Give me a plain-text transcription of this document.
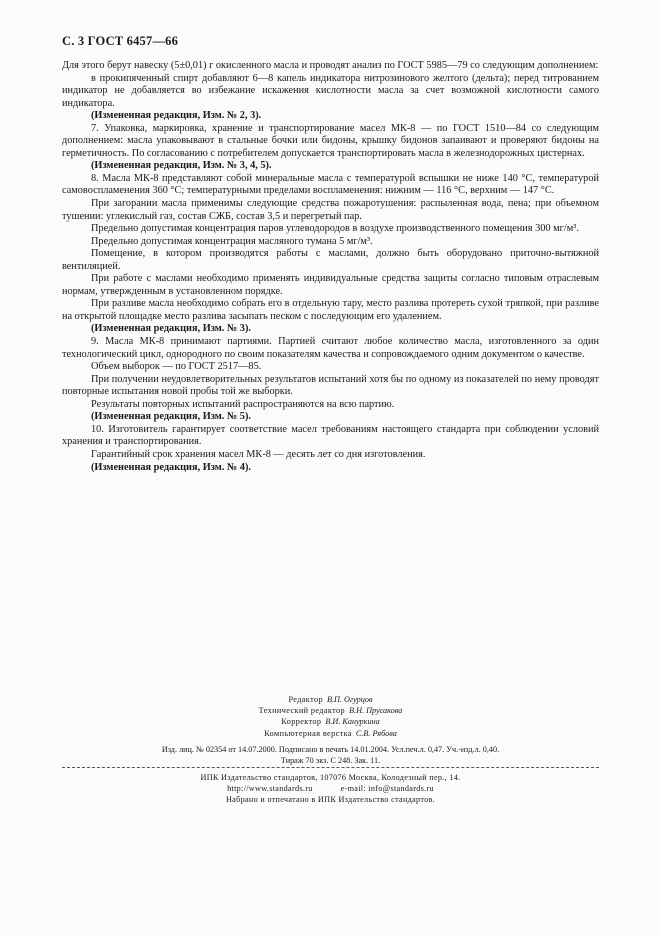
С. 3 ГОСТ 6457—66

Для этого берут навеску (5±0,01) г окисленного масла и проводят анализ по ГОСТ 5985—79 со следующим дополнением:

в прокипяченный спирт добавляют 6—8 капель индикатора нитрозинового желтого (дельта); перед титрованием индикатор не добавляется во избежание искажения кислотности масла за счет возможной кислотности самого индикатора.

(Измененная редакция, Изм. № 2, 3).

7. Упаковка, маркировка, хранение и транспортирование масел МК-8 — по ГОСТ 1510—84 со следующим дополнением: масла упаковывают в стальные бочки или бидоны, крышку бидонов запаивают и проверяют бидоны на герметичность. По согласованию с потребителем допускается транспортировать масла в железнодорожных цистернах.

(Измененная редакция, Изм. № 3, 4, 5).

8. Масла МК-8 представляют собой минеральные масла с температурой вспышки не ниже 140 °С, температурой самовоспламенения 360 °С; температурными пределами воспламенения: нижним — 116 °С, верхним — 147 °С.

При загорании масла применимы следующие средства пожаротушения: распыленная вода, пена; при объемном тушении: углекислый газ, состав СЖБ, состав 3,5 и перегретый пар.

Предельно допустимая концентрация паров углеводородов в воздухе производственного помещения 300 мг/м³.

Предельно допустимая концентрация масляного тумана 5 мг/м³.

Помещение, в котором производятся работы с маслами, должно быть оборудовано приточно-вытяжной вентиляцией.

При работе с маслами необходимо применять индивидуальные средства защиты согласно типовым отраслевым нормам, утвержденным в установленном порядке.

При разливе масла необходимо собрать его в отдельную тару, место разлива протереть сухой тряпкой, при разливе на открытой площадке место разлива засыпать песком с последующим его удалением.

(Измененная редакция, Изм. № 3).

9. Масла МК-8 принимают партиями. Партией считают любое количество масла, изготовленного за один технологический цикл, однородного по своим показателям качества и сопровождаемого одним документом о качестве.

Объем выборок — по ГОСТ 2517—85.

При получении неудовлетворительных результатов испытаний хотя бы по одному из показателей по нему проводят повторные испытания новой пробы той же выборки.

Результаты повторных испытаний распространяются на всю партию.

(Измененная редакция, Изм. № 5).

10. Изготовитель гарантирует соответствие масел требованиям настоящего стандарта при соблюдении условий хранения и транспортирования.

Гарантийный срок хранения масел МК-8 — десять лет со дня изготовления.

(Измененная редакция, Изм. № 4).

Редактор В.П. Огурцов
Технический редактор В.Н. Прусакова
Корректор В.И. Кануркина
Компьютерная верстка С.В. Рябова
Изд. лиц. № 02354 от 14.07.2000. Подписано в печать 14.01.2004. Усл.печ.л. 0,47. Уч.-изд.л. 0,40.
Тираж 70 экз. С 248. Зак. 11.
ИПК Издательство стандартов, 107076 Москва, Колодезный пер., 14.
http://www.standards.ru	e-mail: info@standards.ru
Набрано и отпечатано в ИПК Издательство стандартов.
